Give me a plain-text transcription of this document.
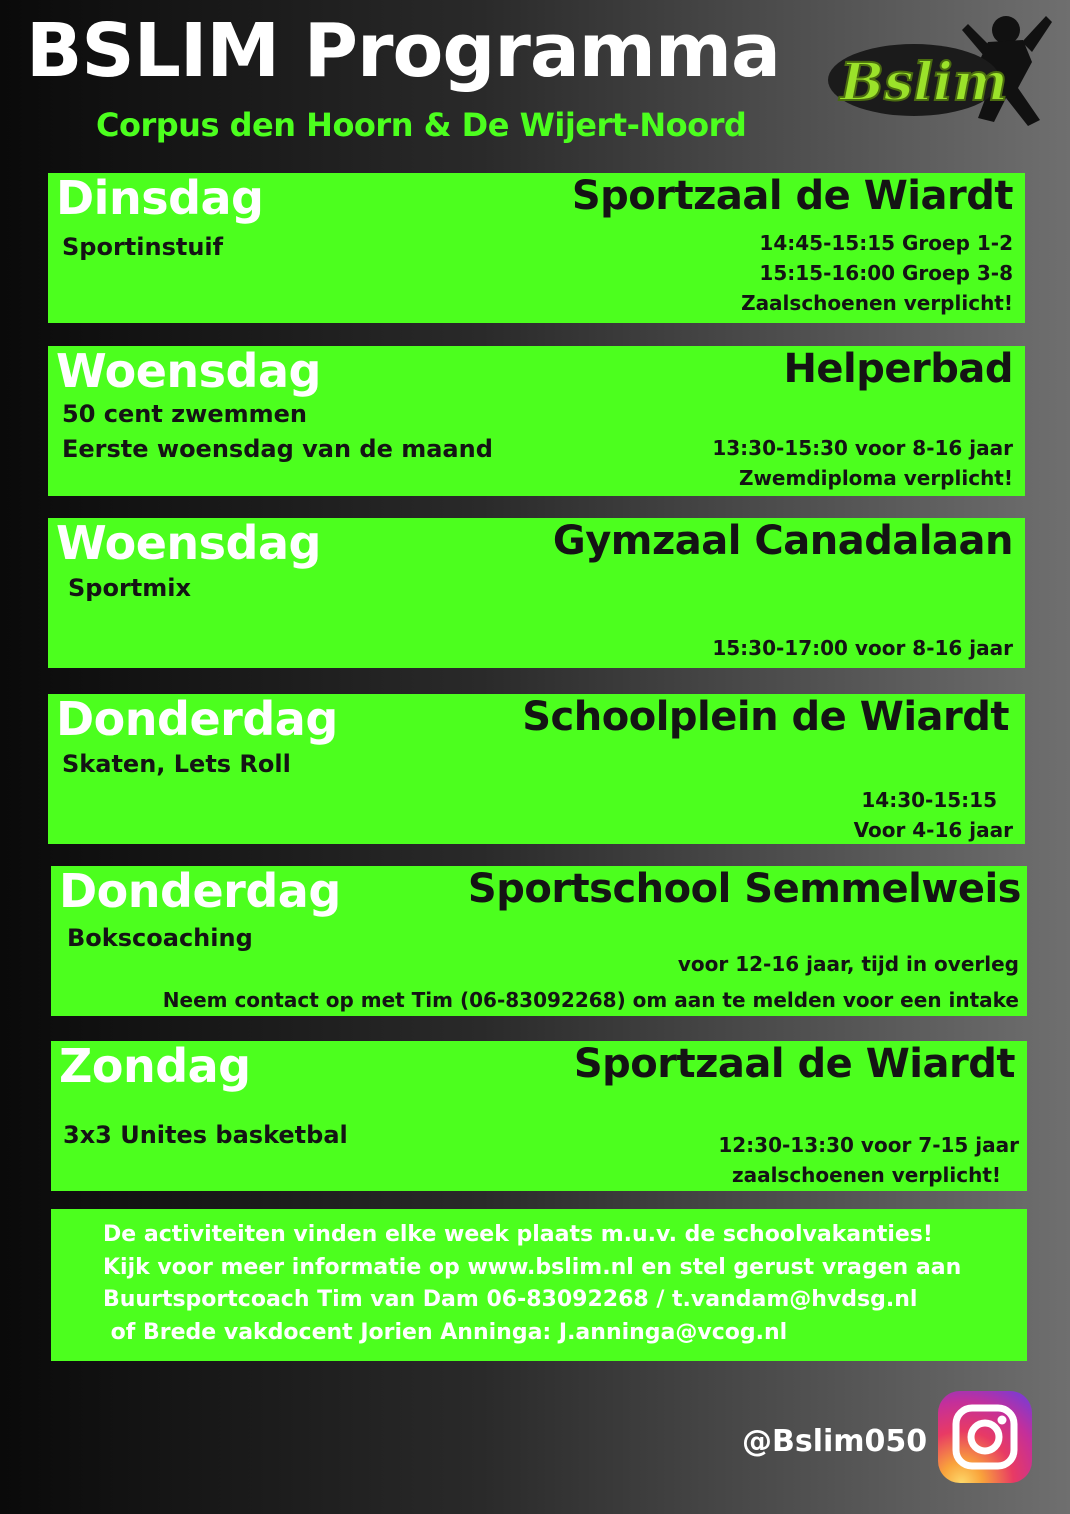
BSLIM Programma
Corpus den Hoorn & De Wijert-Noord
Bslim
Dinsdag
Sportinstuif
Sportzaal de Wiardt
14:45-15:15 Groep 1-2
15:15-16:00 Groep 3-8
Zaalschoenen verplicht!
Woensdag
50 cent zwemmen
Eerste woensdag van de maand
Helperbad
13:30-15:30 voor 8-16 jaar
Zwemdiploma verplicht!
Woensdag
Sportmix
Gymzaal Canadalaan
15:30-17:00 voor 8-16 jaar
Donderdag
Skaten, Lets Roll
Schoolplein de Wiardt
14:30-15:15
Voor 4-16 jaar
Donderdag
Bokscoaching
Sportschool Semmelweis
voor 12-16 jaar, tijd in overleg
Neem contact op met Tim (06-83092268) om aan te melden voor een intake
Zondag
3x3 Unites basketbal
Sportzaal de Wiardt
12:30-13:30 voor 7-15 jaar
zaalschoenen verplicht!
De activiteiten vinden elke week plaats m.u.v. de schoolvakanties!
Kijk voor meer informatie op www.bslim.nl en stel gerust vragen aan
Buurtsportcoach Tim van Dam 06-83092268 / t.vandam@hvdsg.nl
of Brede vakdocent Jorien Anninga: J.anninga@vcog.nl
@Bslim050
